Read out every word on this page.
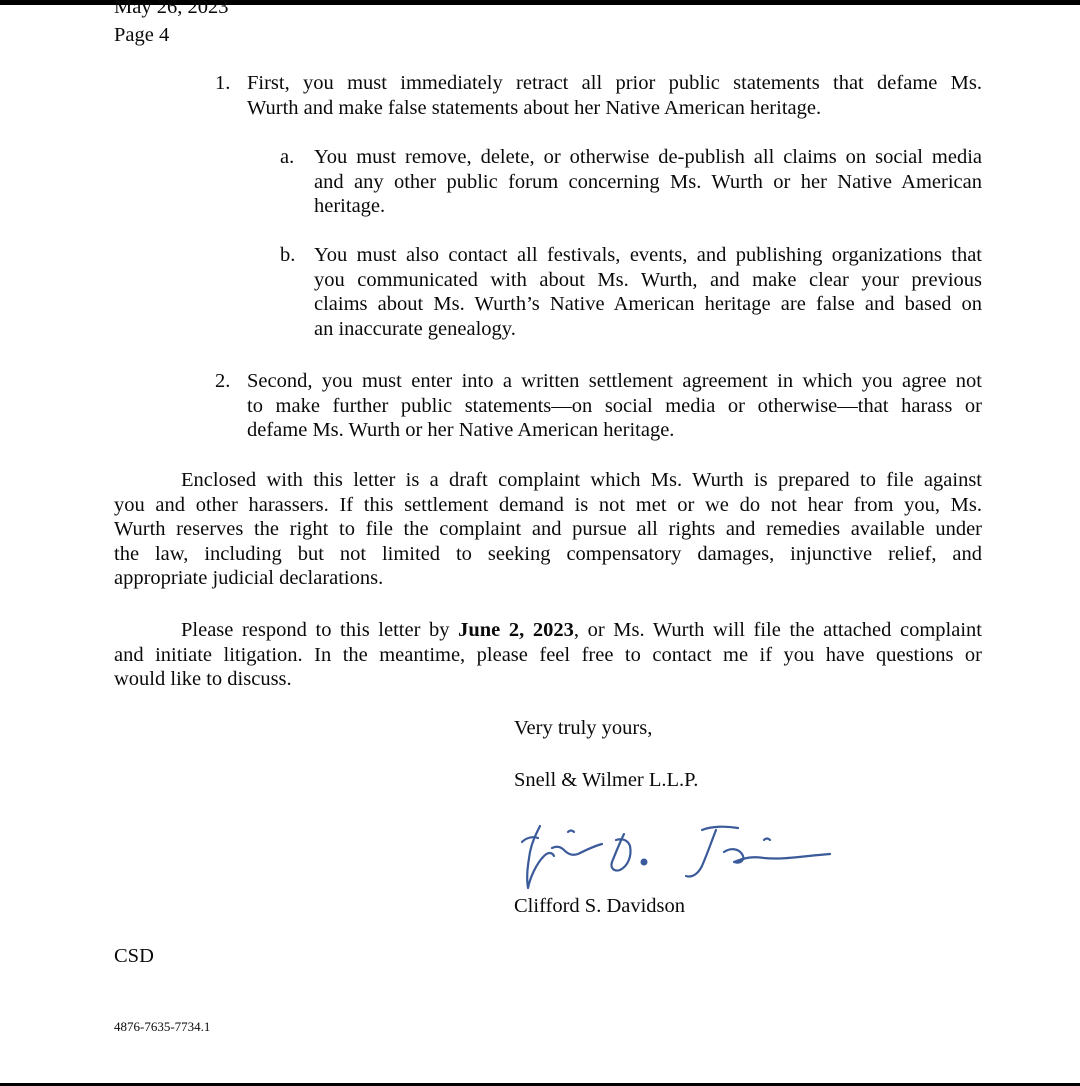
May 26, 2023
Page 4
1. First, you must immediately retract all prior public statements that defame Ms.
Wurth and make false statements about her Native American heritage.
a. You must remove, delete, or otherwise de-publish all claims on social media
and any other public forum concerning Ms. Wurth or her Native American
heritage.
b. You must also contact all festivals, events, and publishing organizations that
you communicated with about Ms. Wurth, and make clear your previous
claims about Ms. Wurth’s Native American heritage are false and based on
an inaccurate genealogy.
2. Second, you must enter into a written settlement agreement in which you agree not
to make further public statements—on social media or otherwise—that harass or
defame Ms. Wurth or her Native American heritage.
Enclosed with this letter is a draft complaint which Ms. Wurth is prepared to file against
you and other harassers. If this settlement demand is not met or we do not hear from you, Ms.
Wurth reserves the right to file the complaint and pursue all rights and remedies available under
the law, including but not limited to seeking compensatory damages, injunctive relief, and
appropriate judicial declarations.
Please respond to this letter by June 2, 2023, or Ms. Wurth will file the attached complaint
and initiate litigation. In the meantime, please feel free to contact me if you have questions or
would like to discuss.
Very truly yours,
Snell & Wilmer L.L.P.
Clifford S. Davidson
CSD
4876-7635-7734.1
